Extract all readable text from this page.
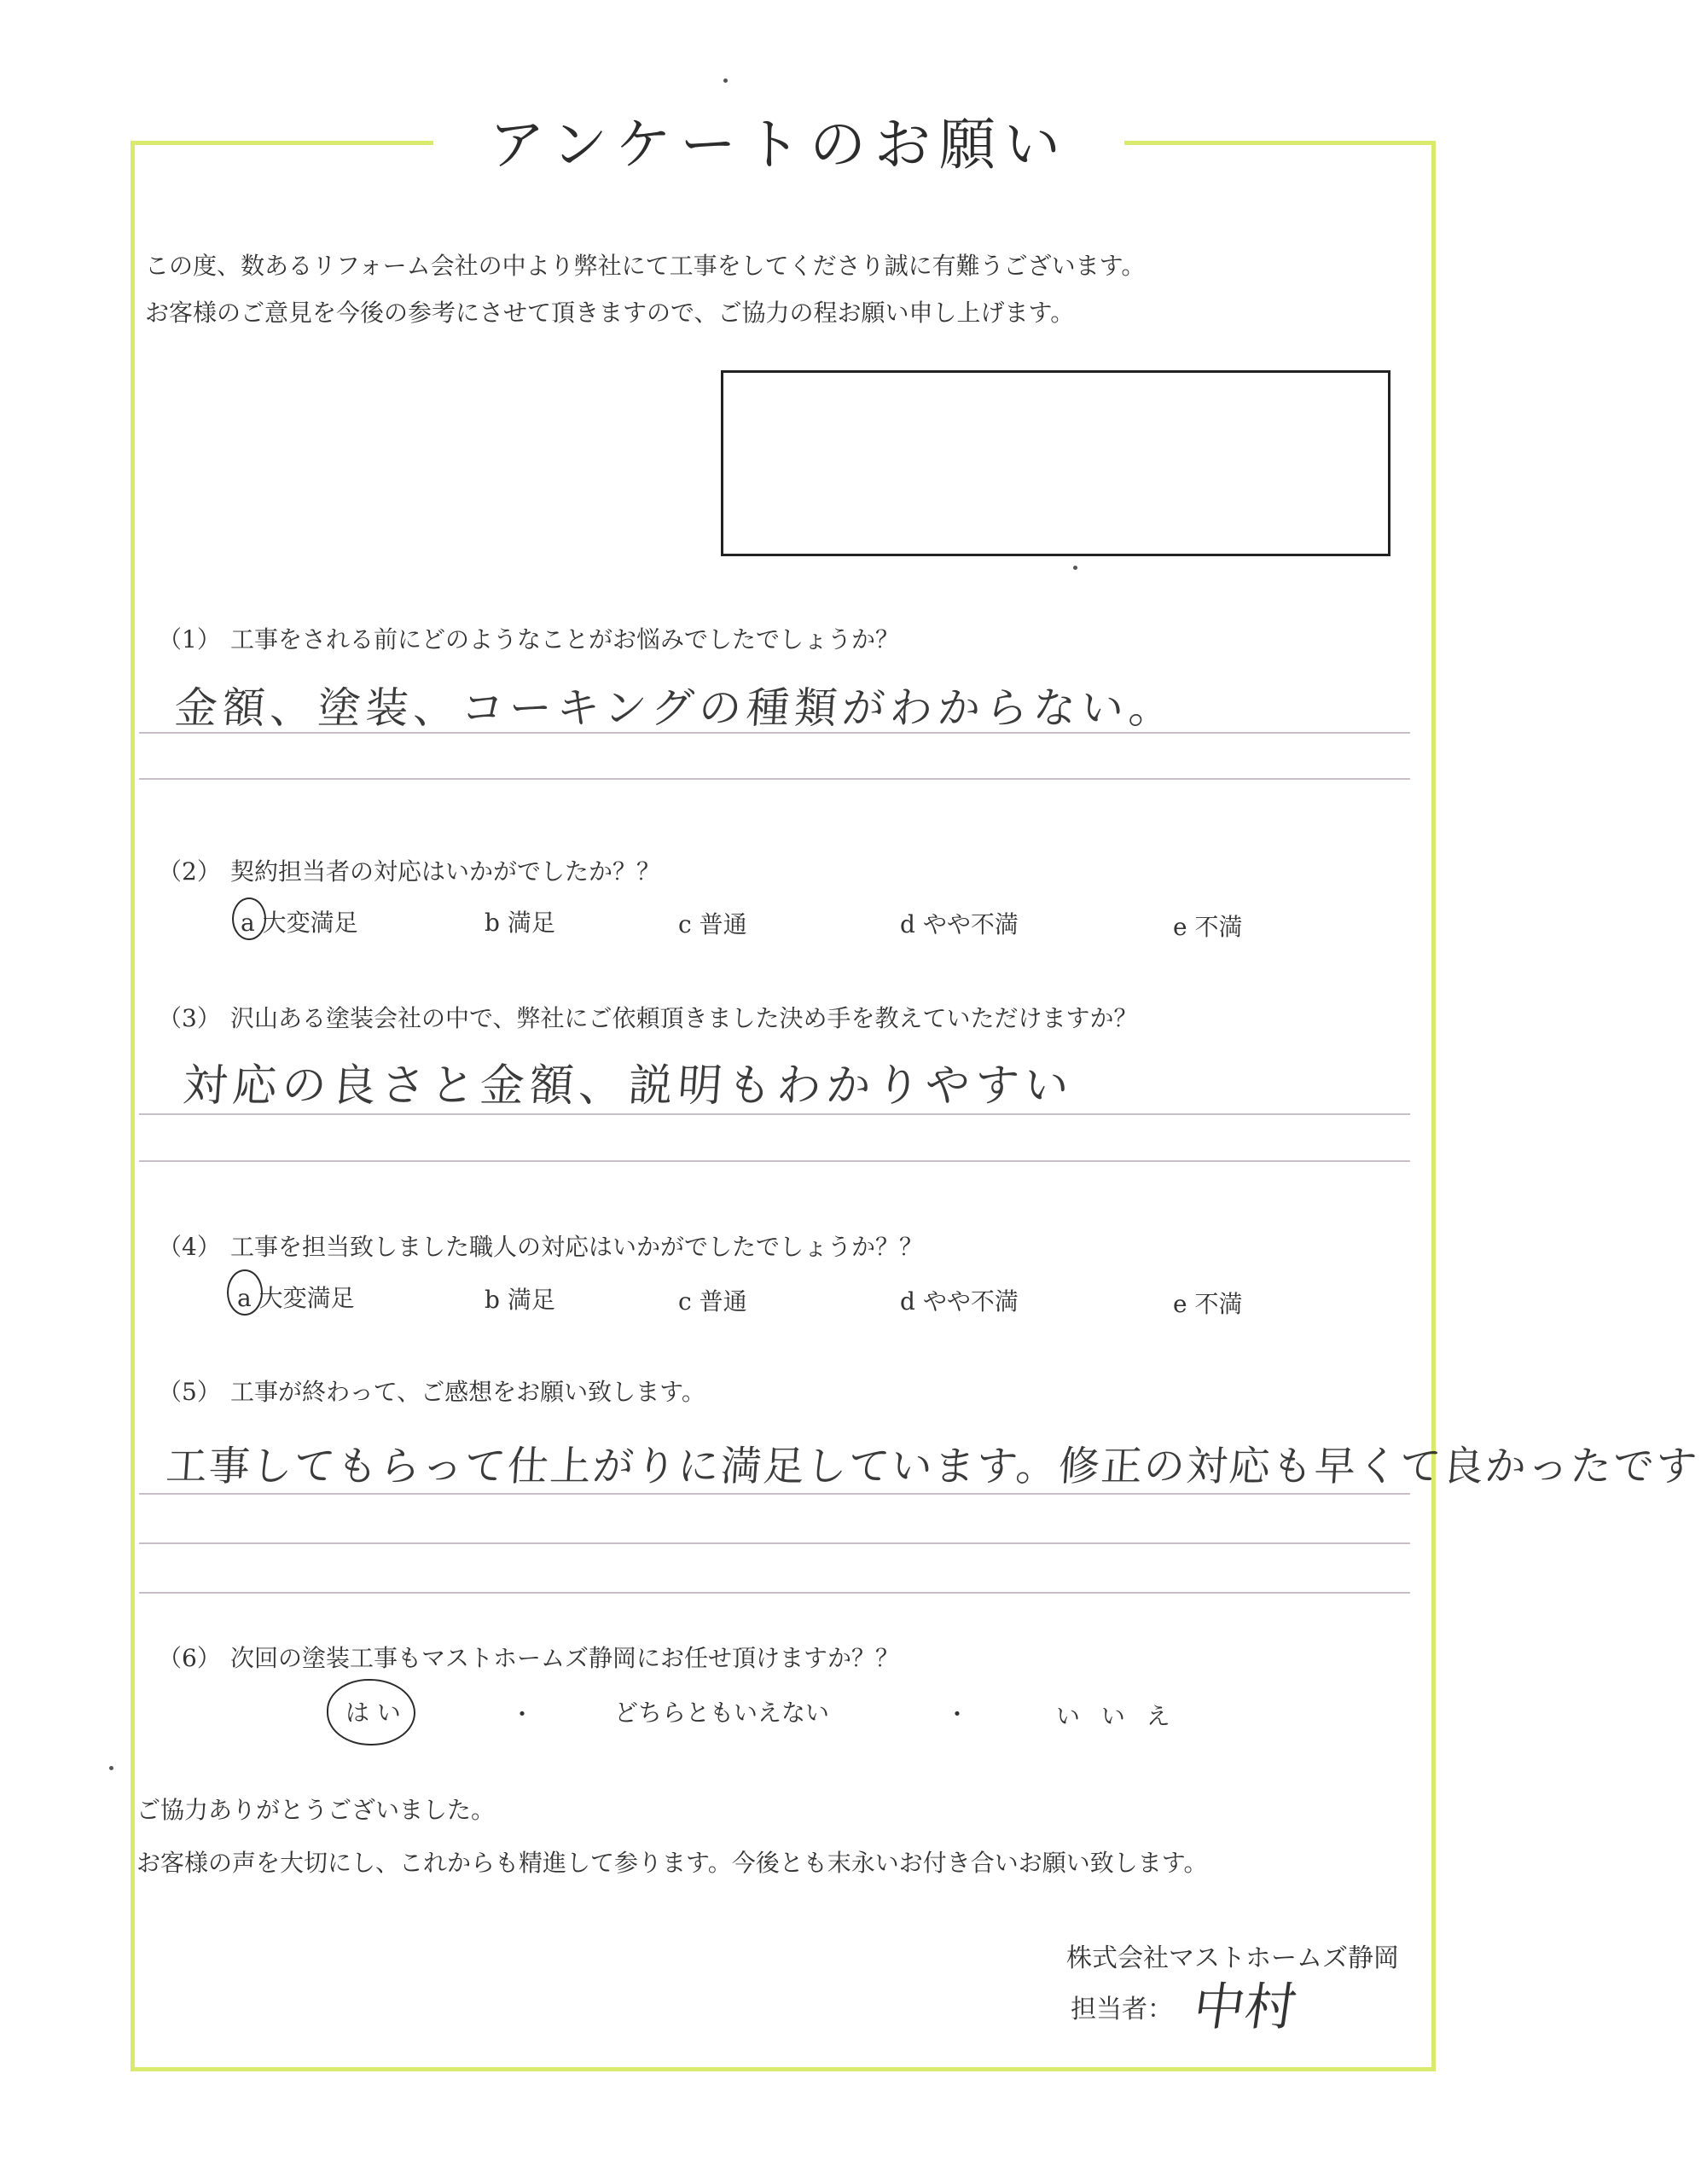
アンケートのお願い
この度、数あるリフォーム会社の中より弊社にて工事をしてくださり誠に有難うございます。
お客様のご意見を今後の参考にさせて頂きますので、ご協力の程お願い申し上げます。
（1） 工事をされる前にどのようなことがお悩みでしたでしょうか？
金額、塗装、コーキングの種類がわからない。
（2） 契約担当者の対応はいかがでしたか？？
a 大変満足	b 満足	c 普通	d やや不満	e 不満
（3） 沢山ある塗装会社の中で、弊社にご依頼頂きました決め手を教えていただけますか？
対応の良さと金額、説明もわかりやすい
（4） 工事を担当致しました職人の対応はいかがでしたでしょうか？？
a 大変満足	b 満足	c 普通	d やや不満	e 不満
（5） 工事が終わって、ご感想をお願い致します。
工事してもらって仕上がりに満足しています。修正の対応も早くて良かったです
（6） 次回の塗装工事もマストホームズ静岡にお任せ頂けますか？？
は い	・	どちらともいえない	・	い い え
ご協力ありがとうございました。
お客様の声を大切にし、これからも精進して参ります。今後とも末永いお付き合いお願い致します。
株式会社マストホームズ静岡
担当者： 中村
